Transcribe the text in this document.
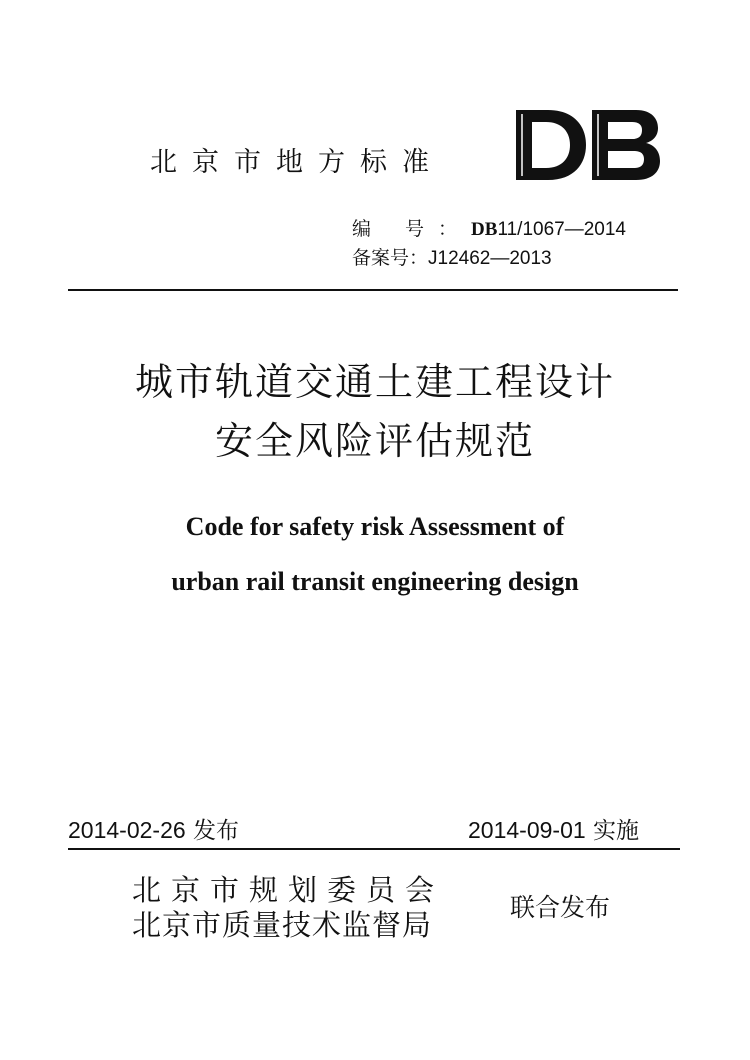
北京市地方标准
编 号：DB11/1067—2014
备案号：J12462—2013
城市轨道交通土建工程设计
安全风险评估规范
Code for safety risk Assessment of
urban rail transit engineering design
2014-02-26 发布	2014-09-01 实施
北京市规划委员会
北京市质量技术监督局
联合发布
